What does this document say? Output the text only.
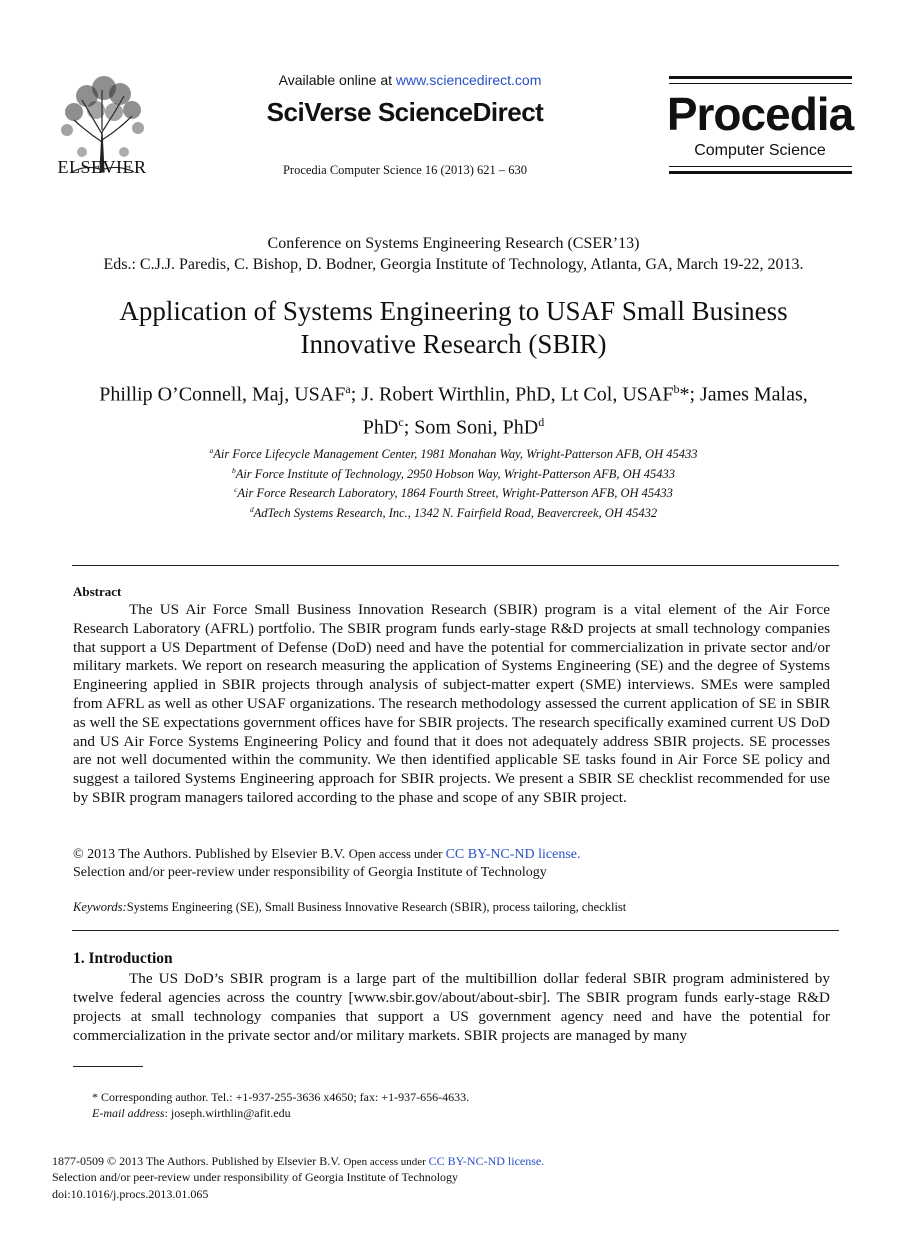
ELSEVIER
Available online at www.sciencedirect.com
SciVerse ScienceDirect
Procedia Computer Science 16 (2013) 621 – 630
Procedia
Computer Science
Conference on Systems Engineering Research (CSER’13)
Eds.: C.J.J. Paredis, C. Bishop, D. Bodner, Georgia Institute of Technology, Atlanta, GA, March 19-22, 2013.
Application of Systems Engineering to USAF Small Business
Innovative Research (SBIR)
Phillip O’Connell, Maj, USAF$^a$; J. Robert Wirthlin, PhD, Lt Col, USAF$^b$*; James Malas,
PhD$^c$; Som Soni, PhD$^d$
$^a$Air Force Lifecycle Management Center, 1981 Monahan Way, Wright-Patterson AFB, OH 45433
$^b$Air Force Institute of Technology, 2950 Hobson Way, Wright-Patterson AFB, OH 45433
$^c$Air Force Research Laboratory, 1864 Fourth Street, Wright-Patterson AFB, OH 45433
$^d$AdTech Systems Research, Inc., 1342 N. Fairfield Road, Beavercreek, OH 45432
Abstract
The US Air Force Small Business Innovation Research (SBIR) program is a vital element of the Air Force Research Laboratory (AFRL) portfolio. The SBIR program funds early-stage R&D projects at small technology companies that support a US Department of Defense (DoD) need and have the potential for commercialization in private sector and/or military markets. We report on research measuring the application of Systems Engineering (SE) and the degree of Systems Engineering applied in SBIR projects through analysis of subject-matter expert (SME) interviews. SMEs were sampled from AFRL as well as other USAF organizations. The research methodology assessed the current application of SE in SBIR as well the SE expectations government offices have for SBIR projects. The research specifically examined current US DoD and US Air Force Systems Engineering Policy and found that it does not adequately address SBIR projects. SE processes are not well documented within the community. We then identified applicable SE tasks found in Air Force SE policy and suggest a tailored Systems Engineering approach for SBIR projects. We present a SBIR SE checklist recommended for use by SBIR program managers tailored according to the phase and scope of any SBIR project.
© 2013 The Authors. Published by Elsevier B.V. Open access under CC BY-NC-ND license.
Selection and/or peer-review under responsibility of Georgia Institute of Technology
Keywords:Systems Engineering (SE), Small Business Innovative Research (SBIR), process tailoring, checklist
1. Introduction
The US DoD’s SBIR program is a large part of the multibillion dollar federal SBIR program administered by twelve federal agencies across the country [www.sbir.gov/about/about-sbir]. The SBIR program funds early-stage R&D projects at small technology companies that support a US government agency need and have the potential for commercialization in the private sector and/or military markets. SBIR projects are managed by many
* Corresponding author. Tel.: +1-937-255-3636 x4650; fax: +1-937-656-4633.
E-mail address: joseph.wirthlin@afit.edu
1877-0509 © 2013 The Authors. Published by Elsevier B.V. Open access under CC BY-NC-ND license.
Selection and/or peer-review under responsibility of Georgia Institute of Technology
doi:10.1016/j.procs.2013.01.065
